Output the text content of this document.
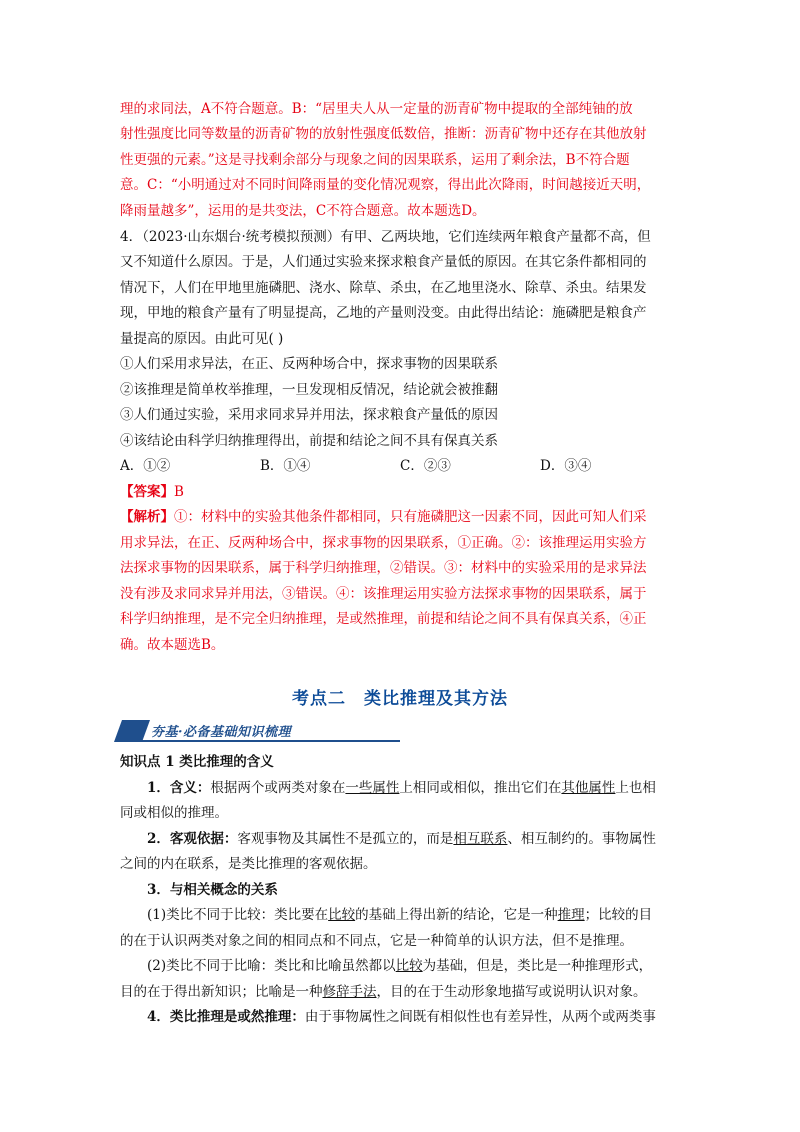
理的求同法，A不符合题意。B：“居里夫人从一定量的沥青矿物中提取的全部纯铀的放
射性强度比同等数量的沥青矿物的放射性强度低数倍，推断：沥青矿物中还存在其他放射
性更强的元素。”这是寻找剩余部分与现象之间的因果联系，运用了剩余法，B不符合题
意。C：“小明通过对不同时间降雨量的变化情况观察，得出此次降雨，时间越接近天明，
降雨量越多”，运用的是共变法，C不符合题意。故本题选D。
4．（2023·山东烟台·统考模拟预测）有甲、乙两块地，它们连续两年粮食产量都不高，但
又不知道什么原因。于是，人们通过实验来探求粮食产量低的原因。在其它条件都相同的
情况下，人们在甲地里施磷肥、浇水、除草、杀虫，在乙地里浇水、除草、杀虫。结果发
现，甲地的粮食产量有了明显提高，乙地的产量则没变。由此得出结论：施磷肥是粮食产
量提高的原因。由此可见( )
①人们采用求异法，在正、反两种场合中，探求事物的因果联系
②该推理是简单枚举推理，一旦发现相反情况，结论就会被推翻
③人们通过实验，采用求同求异并用法，探求粮食产量低的原因
④该结论由科学归纳推理得出，前提和结论之间不具有保真关系
A．①②	B．①④	C．②③	D．③④
【答案】B
【解析】①：材料中的实验其他条件都相同，只有施磷肥这一因素不同，因此可知人们采
用求异法，在正、反两种场合中，探求事物的因果联系，①正确。②：该推理运用实验方
法探求事物的因果联系，属于科学归纳推理，②错误。③：材料中的实验采用的是求异法
没有涉及求同求异并用法，③错误。④：该推理运用实验方法探求事物的因果联系，属于
科学归纳推理，是不完全归纳推理，是或然推理，前提和结论之间不具有保真关系，④正
确。故本题选B。
考点二　类比推理及其方法
夯基·必备基础知识梳理
知识点 1 类比推理的含义
1．含义：根据两个或两类对象在一些属性上相同或相似，推出它们在其他属性上也相
同或相似的推理。
2．客观依据：客观事物及其属性不是孤立的，而是相互联系、相互制约的。事物属性
之间的内在联系，是类比推理的客观依据。
3．与相关概念的关系
(1)类比不同于比较：类比要在比较的基础上得出新的结论，它是一种推理；比较的目
的在于认识两类对象之间的相同点和不同点，它是一种简单的认识方法，但不是推理。
(2)类比不同于比喻：类比和比喻虽然都以比较为基础，但是，类比是一种推理形式，
目的在于得出新知识；比喻是一种修辞手法，目的在于生动形象地描写或说明认识对象。
4．类比推理是或然推理：由于事物属性之间既有相似性也有差异性，从两个或两类事
